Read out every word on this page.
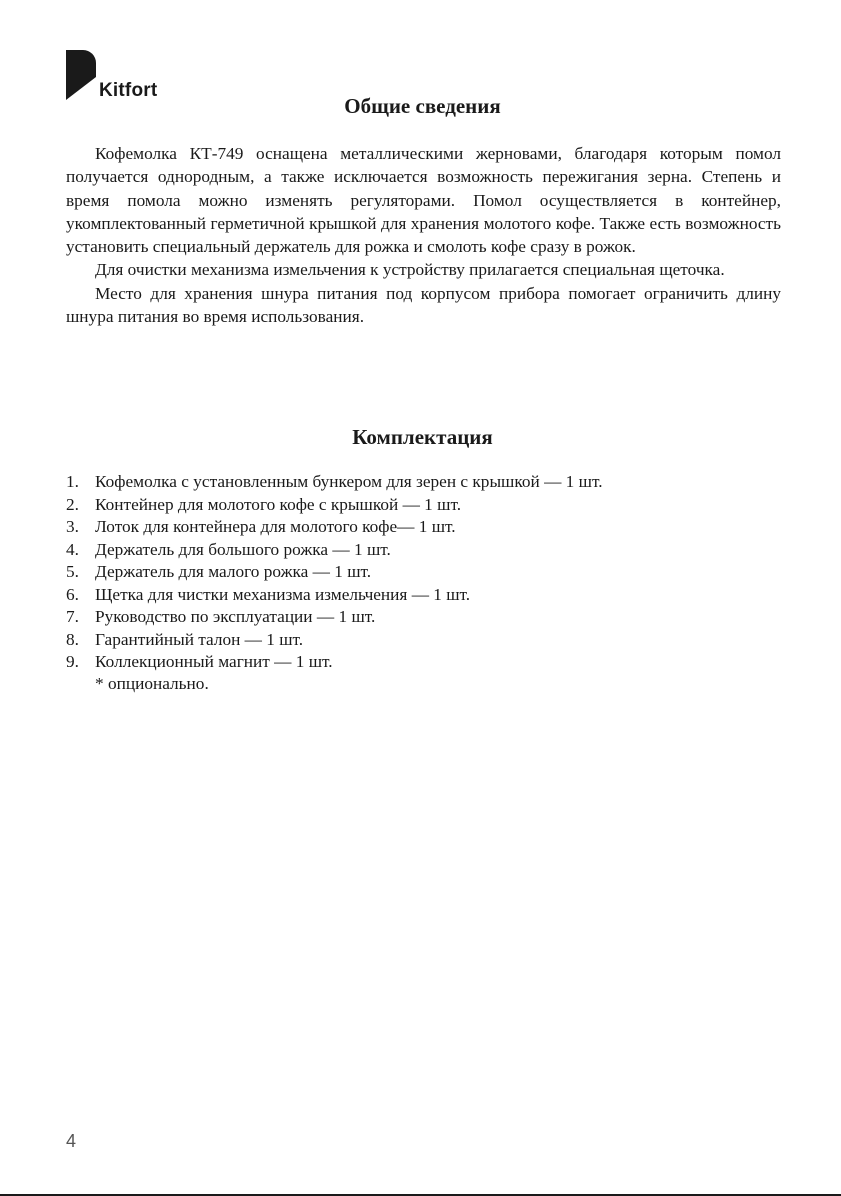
Kitfort
Общие сведения

Кофемолка КТ-749 оснащена металлическими жерновами, благодаря которым помол получается однородным, а также исключается возможность пережигания зерна. Степень и время помола можно изменять регуляторами. Помол осуществляется в контейнер, укомплектованный герметичной крышкой для хранения молотого кофе. Также есть возможность установить специальный держатель для рожка и смолоть кофе сразу в рожок.

Для очистки механизма измельчения к устройству прилагается специальная щеточка.

Место для хранения шнура питания под корпусом прибора помогает ограничить длину шнура питания во время использования.

Комплектация
1. Кофемолка с установленным бункером для зерен с крышкой — 1 шт.
2. Контейнер для молотого кофе с крышкой — 1 шт.
3. Лоток для контейнера для молотого кофе— 1 шт.
4. Держатель для большого рожка — 1 шт.
5. Держатель для малого рожка — 1 шт.
6. Щетка для чистки механизма измельчения — 1 шт.
7. Руководство по эксплуатации — 1 шт.
8. Гарантийный талон — 1 шт.
9. Коллекционный магнит — 1 шт.
* опционально.
4
